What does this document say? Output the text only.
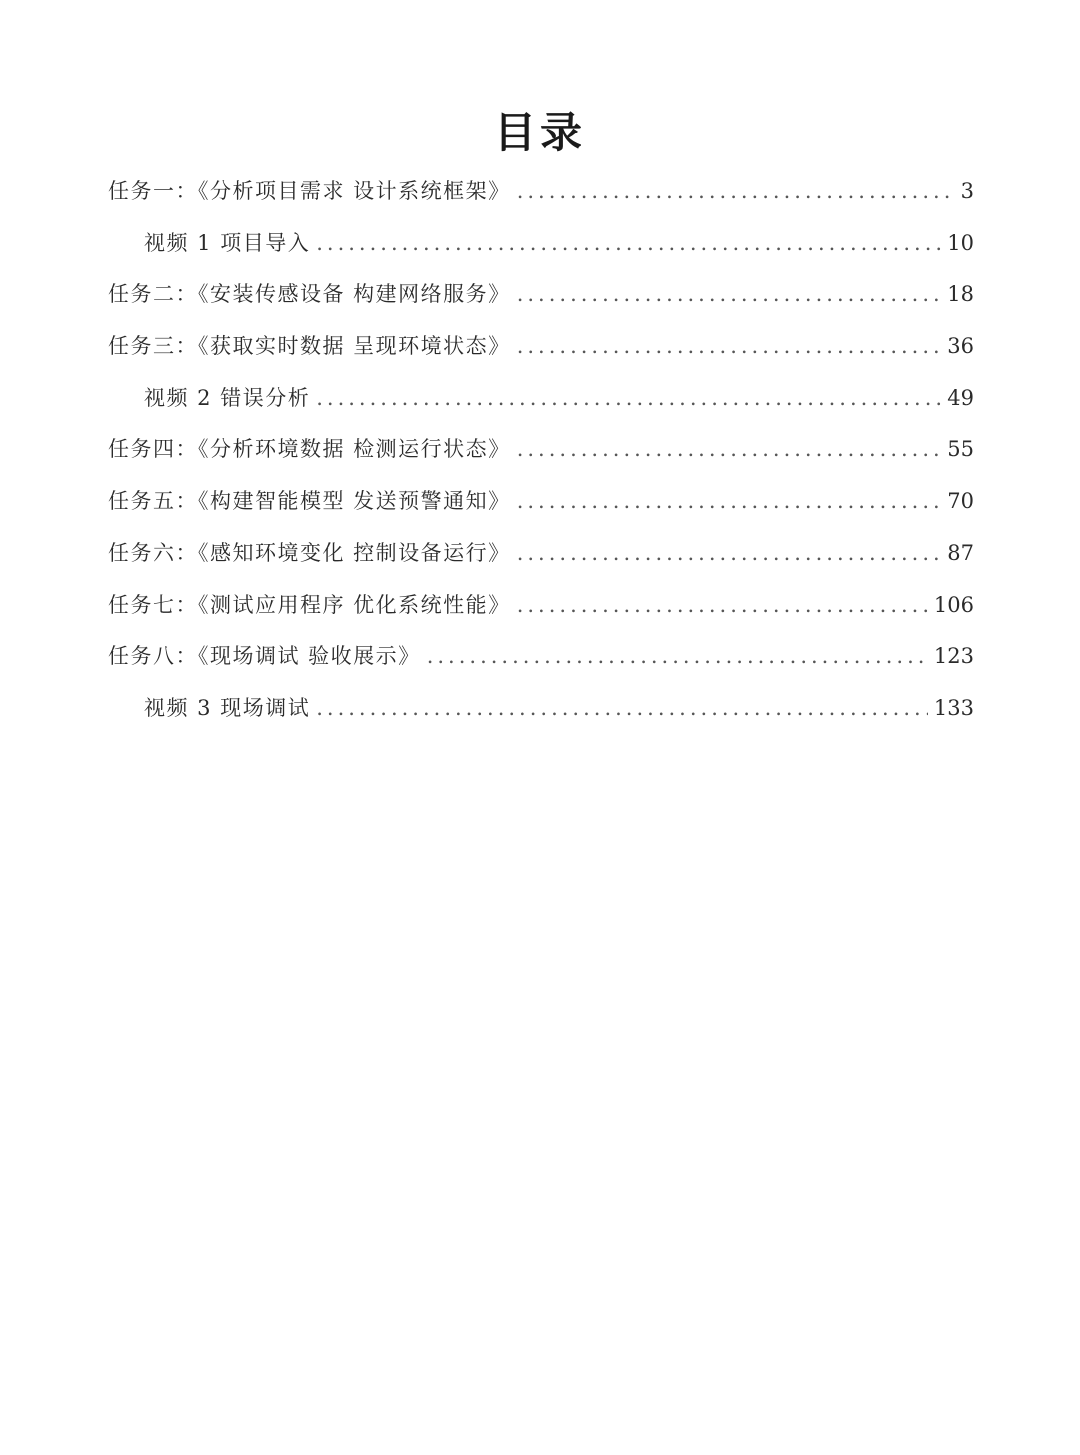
目录
任务一：《分析项目需求 设计系统框架》 .....	3
视频 1 项目导入 .....	10
任务二：《安装传感设备 构建网络服务》 .....	18
任务三：《获取实时数据 呈现环境状态》 .....	36
视频 2 错误分析 .....	49
任务四：《分析环境数据 检测运行状态》 .....	55
任务五：《构建智能模型 发送预警通知》 .....	70
任务六：《感知环境变化 控制设备运行》 .....	87
任务七：《测试应用程序 优化系统性能》 .....	106
任务八：《现场调试 验收展示》 .....	123
视频 3 现场调试 .....	133
